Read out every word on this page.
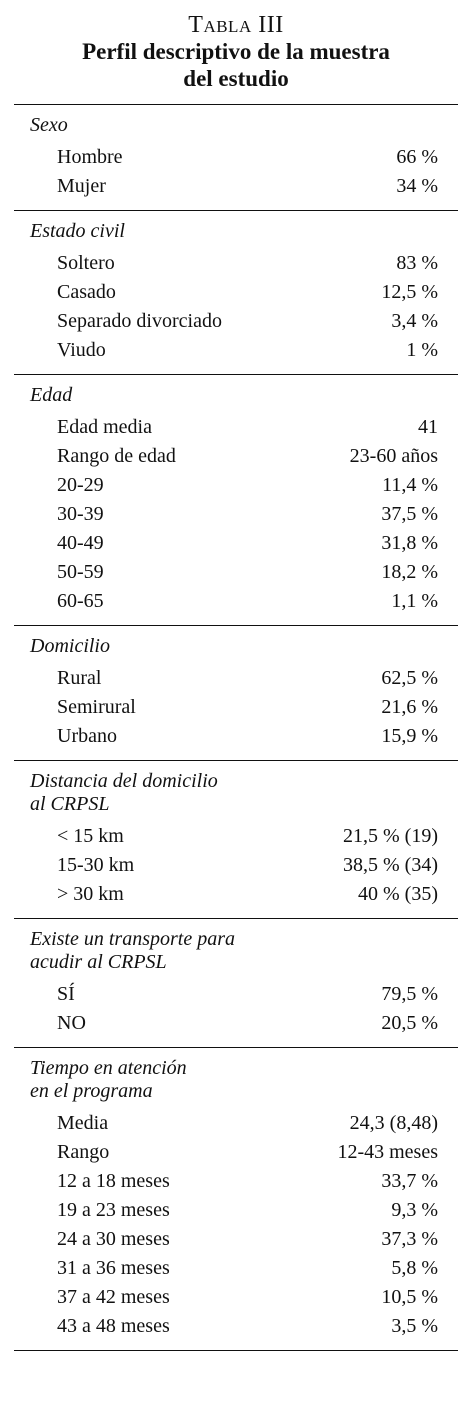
Tabla III
Perfil descriptivo de la muestra
del estudio
Sexo
Hombre	66 %
Mujer	34 %
Estado civil
Soltero	83 %
Casado	12,5 %
Separado divorciado	3,4 %
Viudo	1 %
Edad
Edad media	41
Rango de edad	23-60 años
20-29	11,4 %
30-39	37,5 %
40-49	31,8 %
50-59	18,2 %
60-65	1,1 %
Domicilio
Rural	62,5 %
Semirural	21,6 %
Urbano	15,9 %
Distancia del domicilio
al CRPSL
< 15 km	21,5 % (19)
15-30 km	38,5 % (34)
> 30 km	40 % (35)
Existe un transporte para
acudir al CRPSL
SÍ	79,5 %
NO	20,5 %
Tiempo en atención
en el programa
Media	24,3 (8,48)
Rango	12-43 meses
12 a 18 meses	33,7 %
19 a 23 meses	9,3 %
24 a 30 meses	37,3 %
31 a 36 meses	5,8 %
37 a 42 meses	10,5 %
43 a 48 meses	3,5 %
